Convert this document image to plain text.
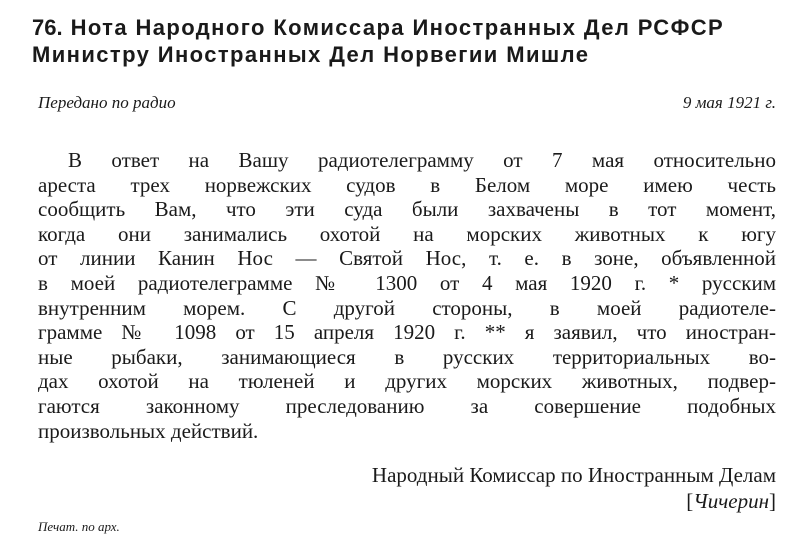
76. Нота Народного Комиссара Иностранных Дел РСФСР
Министру Иностранных Дел Норвегии Мишле
Передано по радио	9 мая 1921 г.
В ответ на Вашу радиотелеграмму от 7 мая относительно
ареста трех норвежских судов в Белом море имею честь
сообщить Вам, что эти суда были захвачены в тот момент,
когда они занимались охотой на морских животных к югу
от линии Канин Нос — Святой Нос, т. е. в зоне, объявленной
в моей радиотелеграмме № 1300 от 4 мая 1920 г. * русским
внутренним морем. С другой стороны, в моей радиотеле-
грамме № 1098 от 15 апреля 1920 г. ** я заявил, что иностран-
ные рыбаки, занимающиеся в русских территориальных во-
дах охотой на тюленей и других морских животных, подвер-
гаются законному преследованию за совершение подобных
произвольных действий.
Народный Комиссар по Иностранным Делам
[Чичерин]
Печат. по арх.
